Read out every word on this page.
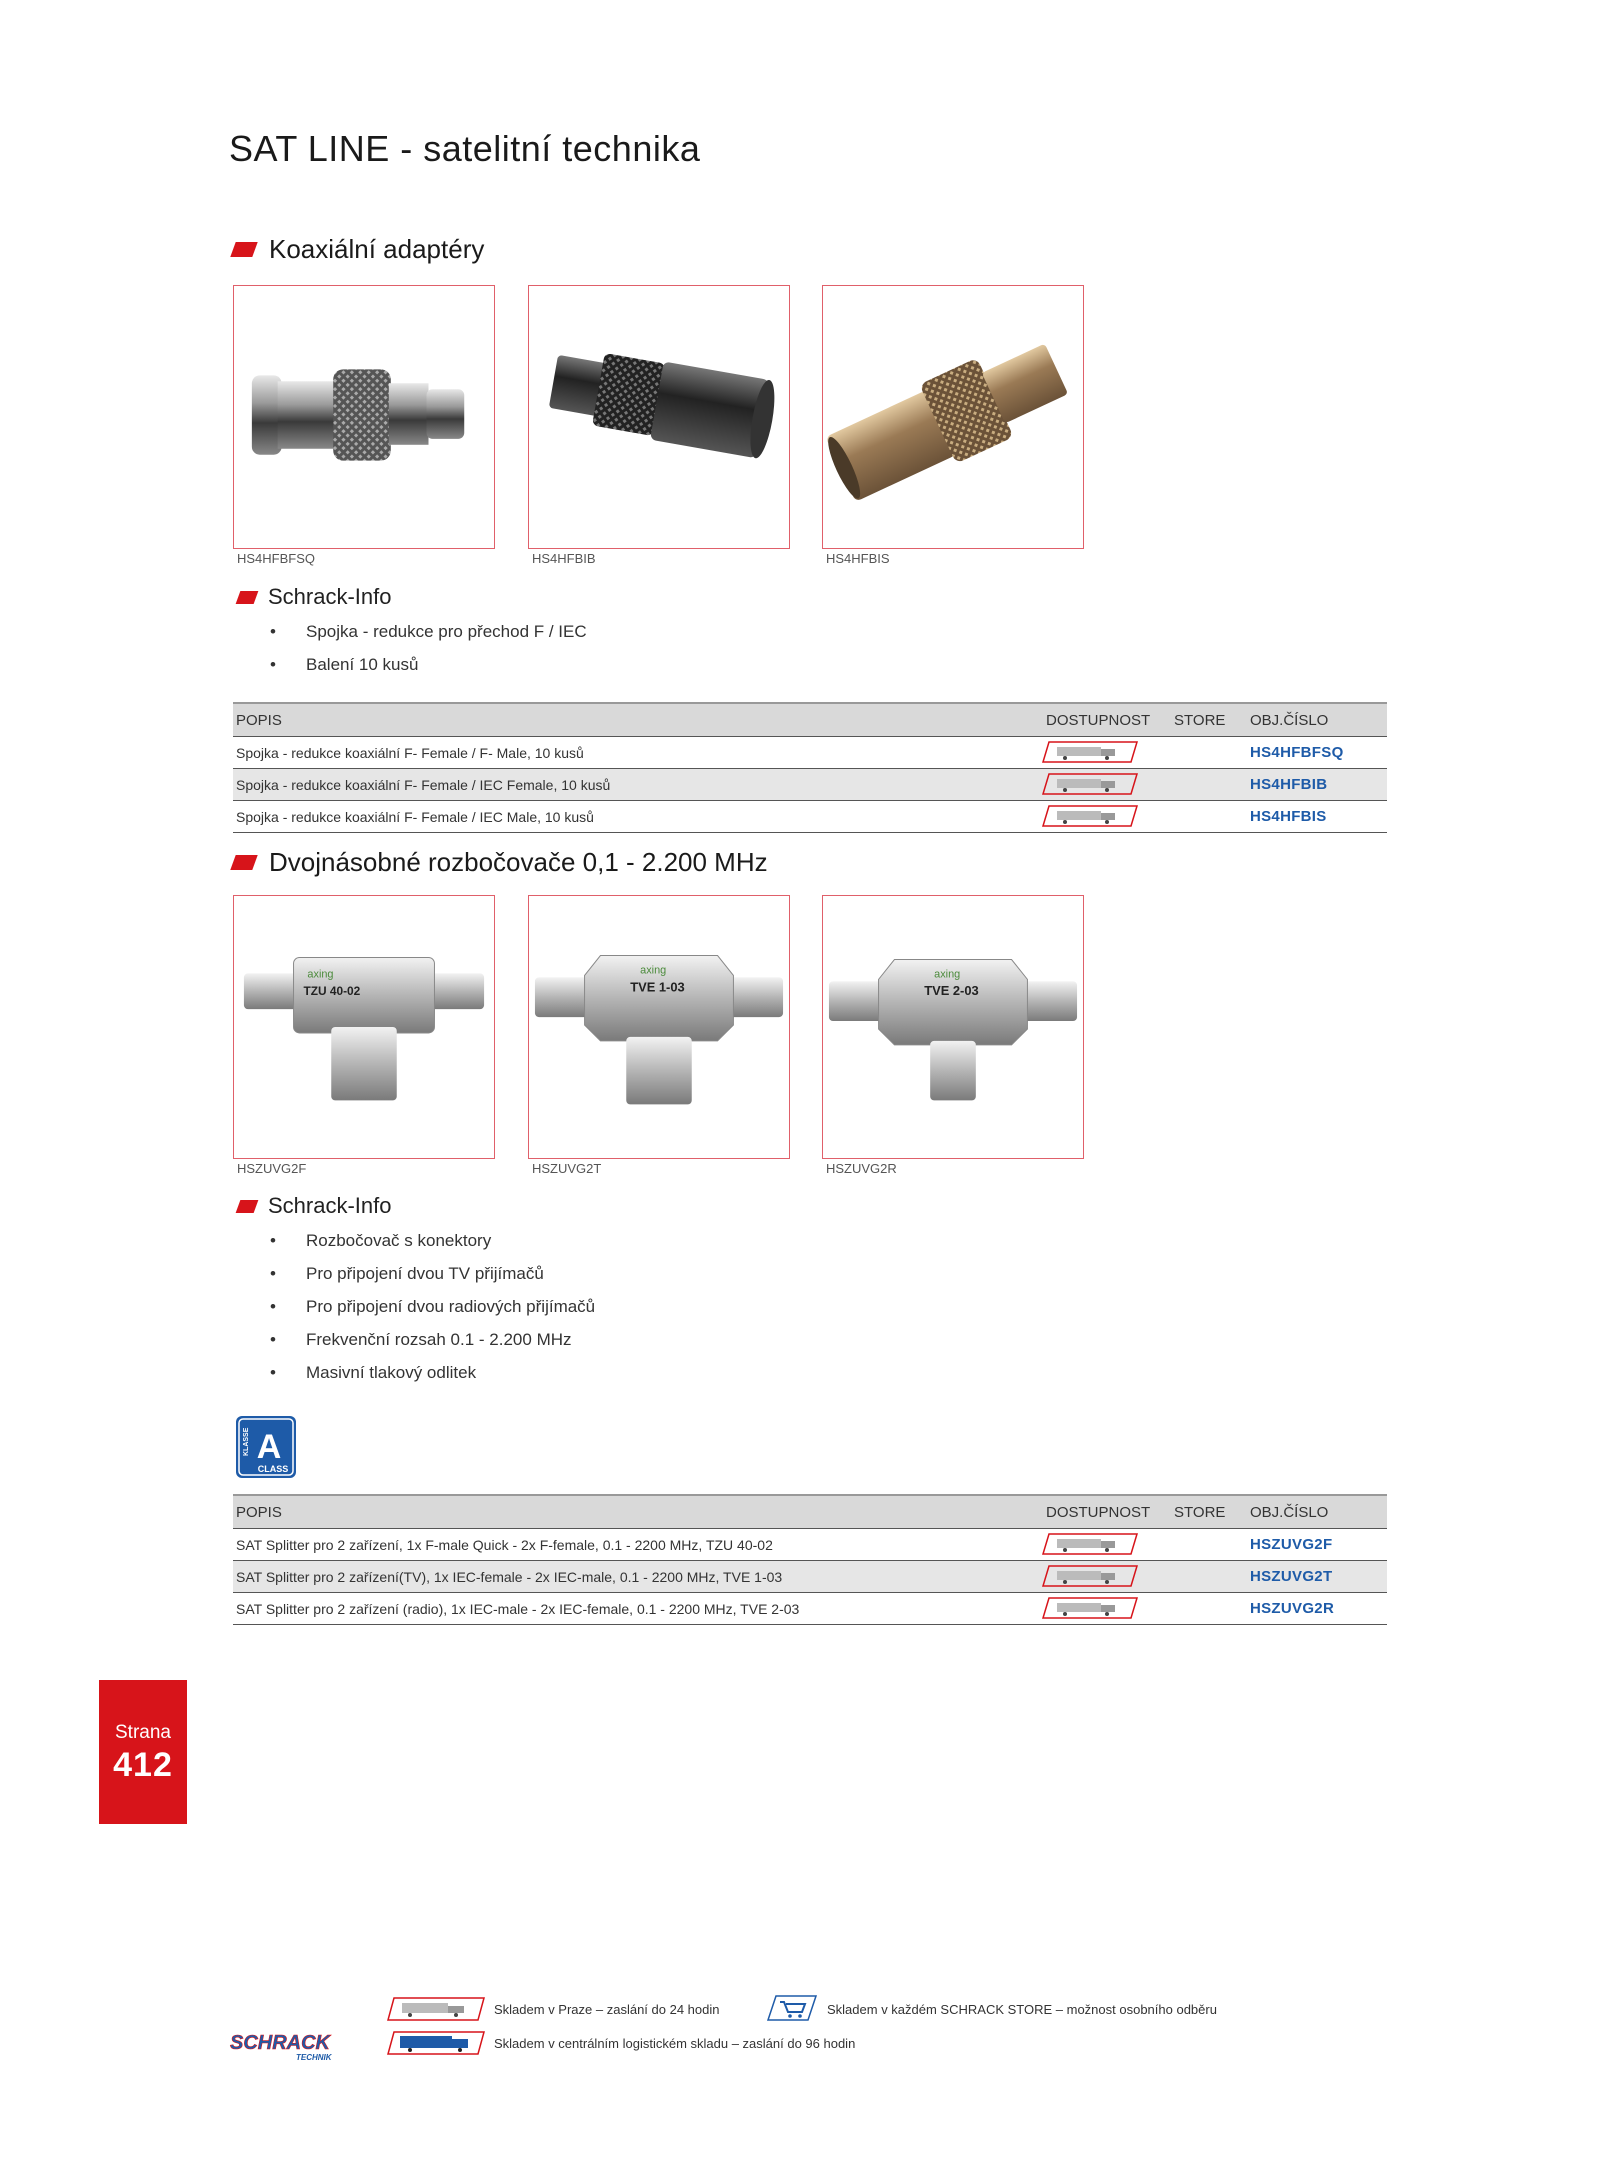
SAT LINE - satelitní technika
Koaxiální adaptéry
HS4HFBFSQ	HS4HFBIB	HS4HFBIS
Schrack-Info
• Spojka - redukce pro přechod F / IEC
• Balení 10 kusů
POPIS	DOSTUPNOST STORE OBJ.ČÍSLO
Spojka - redukce koaxiální F- Female / F- Male, 10 kusů	HS4HFBFSQ
Spojka - redukce koaxiální F- Female / IEC Female, 10 kusů	HS4HFBIB
Spojka - redukce koaxiální F- Female / IEC Male, 10 kusů	HS4HFBIS
Dvojnásobné rozbočovače 0,1 - 2.200 MHz
axing
TZU 40-02
HSZUVG2F
axing
TVE 1-03
HSZUVG2T
axing
TVE 2-03
HSZUVG2R
Schrack-Info
• Rozbočovač s konektory
• Pro připojení dvou TV přijímačů
• Pro připojení dvou radiových přijímačů
• Frekvenční rozsah 0.1 - 2.200 MHz
• Masivní tlakový odlitek
KLASSE A
CLASS
POPIS	DOSTUPNOST STORE OBJ.ČÍSLO
SAT Splitter pro 2 zařízení, 1x F-male Quick - 2x F-female, 0.1 - 2200 MHz, TZU 40-02	HSZUVG2F
SAT Splitter pro 2 zařízení(TV), 1x IEC-female - 2x IEC-male, 0.1 - 2200 MHz, TVE 1-03	HSZUVG2T
SAT Splitter pro 2 zařízení (radio), 1x IEC-male - 2x IEC-female, 0.1 - 2200 MHz, TVE 2-03	HSZUVG2R
Strana
412
SCHRACK
TECHNIK
Skladem v Praze – zaslání do 24 hodin	Skladem v každém SCHRACK STORE – možnost osobního odběru
Skladem v centrálním logistickém skladu – zaslání do 96 hodin
